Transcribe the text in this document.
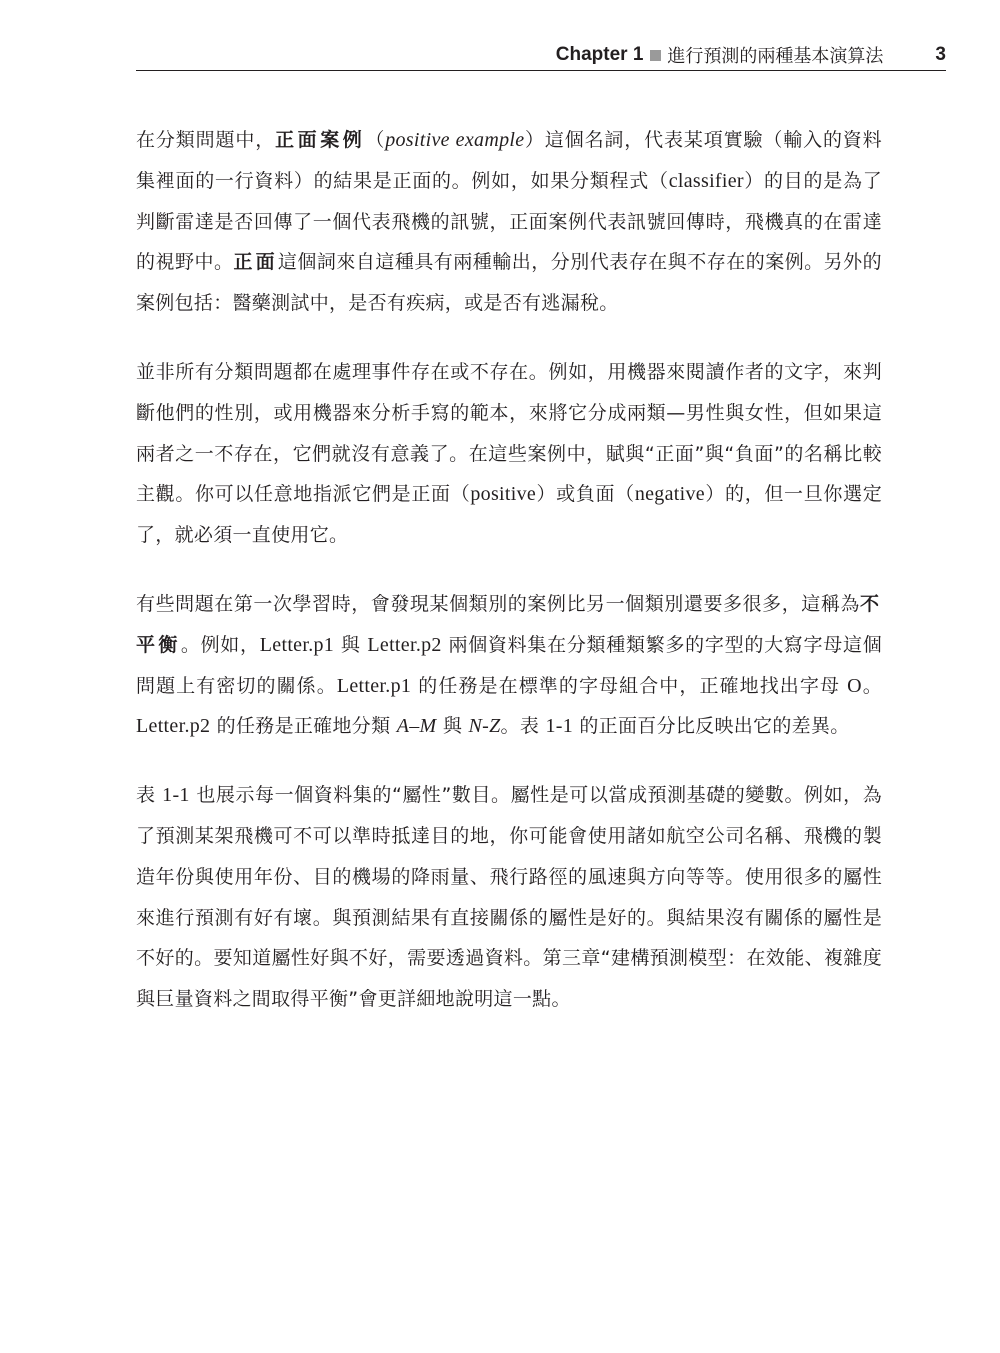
Chapter 1 進行預測的兩種基本演算法	3

在分類問題中，正面案例（positive example）這個名詞，代表某項實驗（輸入的資料集裡面的一行資料）的結果是正面的。例如，如果分類程式（classifier）的目的是為了判斷雷達是否回傳了一個代表飛機的訊號，正面案例代表訊號回傳時，飛機真的在雷達的視野中。正面這個詞來自這種具有兩種輸出，分別代表存在與不存在的案例。另外的案例包括：醫藥測試中，是否有疾病，或是否有逃漏稅。

並非所有分類問題都在處理事件存在或不存在。例如，用機器來閱讀作者的文字，來判斷他們的性別，或用機器來分析手寫的範本，來將它分成兩類—男性與女性，但如果這兩者之一不存在，它們就沒有意義了。在這些案例中，賦與“正面”與“負面”的名稱比較主觀。你可以任意地指派它們是正面（positive）或負面（negative）的，但一旦你選定了，就必須一直使用它。

有些問題在第一次學習時，會發現某個類別的案例比另一個類別還要多很多，這稱為不平衡。例如，Letter.p1 與 Letter.p2 兩個資料集在分類種類繁多的字型的大寫字母這個問題上有密切的關係。Letter.p1 的任務是在標準的字母組合中，正確地找出字母 O。Letter.p2 的任務是正確地分類 A–M 與 N-Z。表 1-1 的正面百分比反映出它的差異。

表 1-1 也展示每一個資料集的“屬性”數目。屬性是可以當成預測基礎的變數。例如，為了預測某架飛機可不可以準時抵達目的地，你可能會使用諸如航空公司名稱、飛機的製造年份與使用年份、目的機場的降雨量、飛行路徑的風速與方向等等。使用很多的屬性來進行預測有好有壞。與預測結果有直接關係的屬性是好的。與結果沒有關係的屬性是不好的。要知道屬性好與不好，需要透過資料。第三章“建構預測模型：在效能、複雜度與巨量資料之間取得平衡”會更詳細地說明這一點。
